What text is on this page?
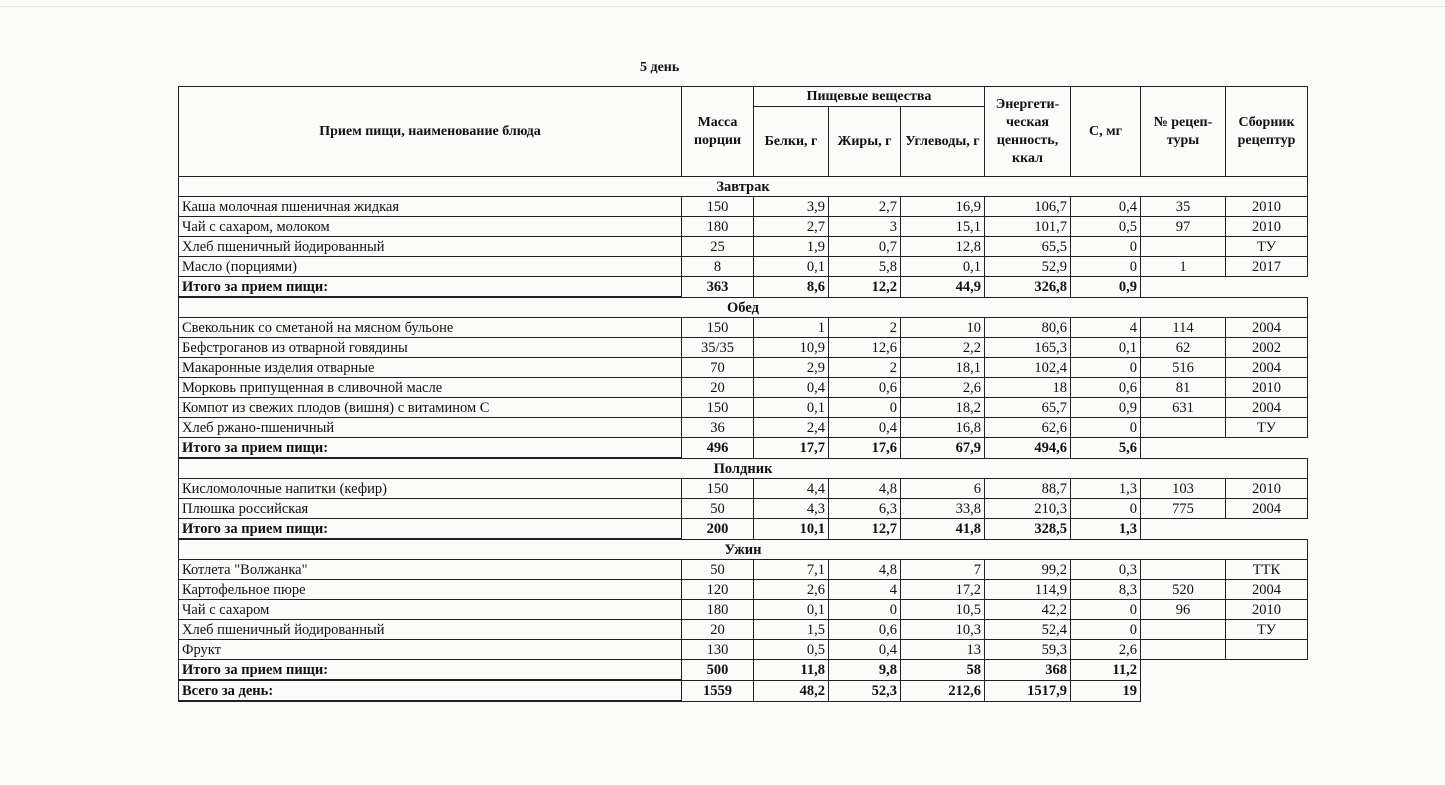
5 день
Прием пищи, наименование блюда	Масса порции	Пищевые вещества			Энергети-ческая ценность, ккал	С, мг	№ рецеп-туры	Сборник рецептур
		Белки, г	Жиры, г	Углеводы, г				
Завтрак								
Каша молочная пшеничная жидкая	150	3,9	2,7	16,9	106,7	0,4	35	2010
Чай с сахаром, молоком	180	2,7	3	15,1	101,7	0,5	97	2010
Хлеб пшеничный йодированный	25	1,9	0,7	12,8	65,5	0		ТУ
Масло (порциями)	8	0,1	5,8	0,1	52,9	0	1	2017
Итого за прием пищи:	363	8,6	12,2	44,9	326,8	0,9		
Обед								
Свекольник со сметаной на мясном бульоне	150	1	2	10	80,6	4	114	2004
Бефстроганов из отварной говядины	35/35	10,9	12,6	2,2	165,3	0,1	62	2002
Макаронные изделия отварные	70	2,9	2	18,1	102,4	0	516	2004
Морковь припущенная в сливочной масле	20	0,4	0,6	2,6	18	0,6	81	2010
Компот из свежих плодов (вишня) с витамином С	150	0,1	0	18,2	65,7	0,9	631	2004
Хлеб ржано-пшеничный	36	2,4	0,4	16,8	62,6	0		ТУ
Итого за прием пищи:	496	17,7	17,6	67,9	494,6	5,6		
Полдник								
Кисломолочные напитки (кефир)	150	4,4	4,8	6	88,7	1,3	103	2010
Плюшка российская	50	4,3	6,3	33,8	210,3	0	775	2004
Итого за прием пищи:	200	10,1	12,7	41,8	328,5	1,3		
Ужин								
Котлета "Волжанка"	50	7,1	4,8	7	99,2	0,3		ТТК
Картофельное пюре	120	2,6	4	17,2	114,9	8,3	520	2004
Чай с сахаром	180	0,1	0	10,5	42,2	0	96	2010
Хлеб пшеничный йодированный	20	1,5	0,6	10,3	52,4	0		ТУ
Фрукт	130	0,5	0,4	13	59,3	2,6		
Итого за прием пищи:	500	11,8	9,8	58	368	11,2		
Всего за день:	1559	48,2	52,3	212,6	1517,9	19		
